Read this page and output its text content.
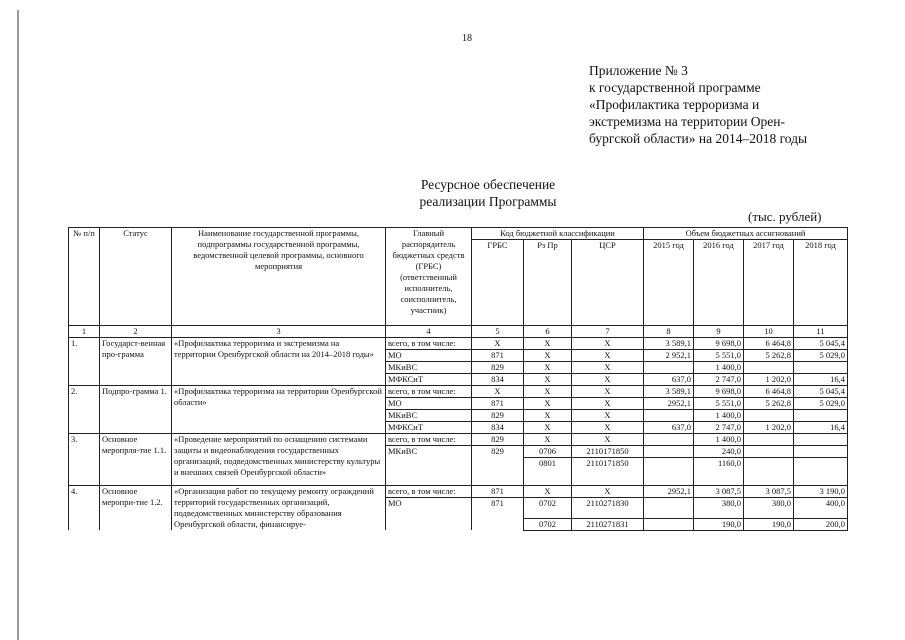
18
Приложение № 3
к государственной программе
«Профилактика терроризма и
экстремизма на территории Орен-
бургской области» на 2014–2018 годы
Ресурсное обеспечение
реализации Программы
(тыс. рублей)
№ п/п	Статус	Наименование государственной программы, подпрограммы государственной программы, ведомственной целевой программы, основного мероприятия	Главный распорядитель бюджетных средств (ГРБС) (ответственный исполнитель, соисполнитель, участник)	Код бюджетной классификации			Объем бюджетных ассигнований			
				ГРБС	Рз Пр	ЦСР	2015 год	2016 год	2017 год	2018 год
1	2	3	4	5	6	7	8	9	10	11
1.	Государст-венная про-грамма	«Профилактика терроризма и экстремизма на территории Оренбургской области на 2014–2018 годы»	всего, в том числе:	Х	Х	Х	3 589,1	9 698,0	6 464,8	5 045,4
			МО	871	Х	Х	2 952,1	5 551,0	5 262,8	5 029,0
			МКиВС	829	Х	Х		1 400,0		
			МФКСиТ	834	Х	Х	637,0	2 747,0	1 202,0	16,4
2.	Подпро-грамма 1.	«Профилактика терроризма на территории Оренбургской области»	всего, в том числе:	Х	Х	Х	3 589,1	9 698,0	6 464,8	5 045,4
			МО	871	Х	Х	2952,1	5 551,0	5 262,8	5 029,0
			МКиВС	829	Х	Х		1 400,0		
			МФКСиТ	834	Х	Х	637,0	2 747,0	1 202,0	16,4
3.	Основное меропрля-тие 1.1.	«Проведение мероприятий по оснащению системами защиты и видеонаблюдения государственных организаций, подведомственных министерству культуры и внешних связей Оренбургской области»	всего, в том числе:	829	Х	Х		1 400,0		
			МКиВС	829	0706	2110171850		240,0		
					0801	2110171850		1160,0		
4.	Основное меропри-тие 1.2.	«Организация работ по текущему ремонту ограждений территорий государственных организаций, подведомственных министерству образования Оренбургской области, финансируе-	всего, в том числе:	871	Х	Х	2952,1	3 087,5	3 087,5	3 190,0
			МО	871	0702	2110271830		380,0	380,0	400,0
					0702	2110271831		190,0	190,0	200,0
